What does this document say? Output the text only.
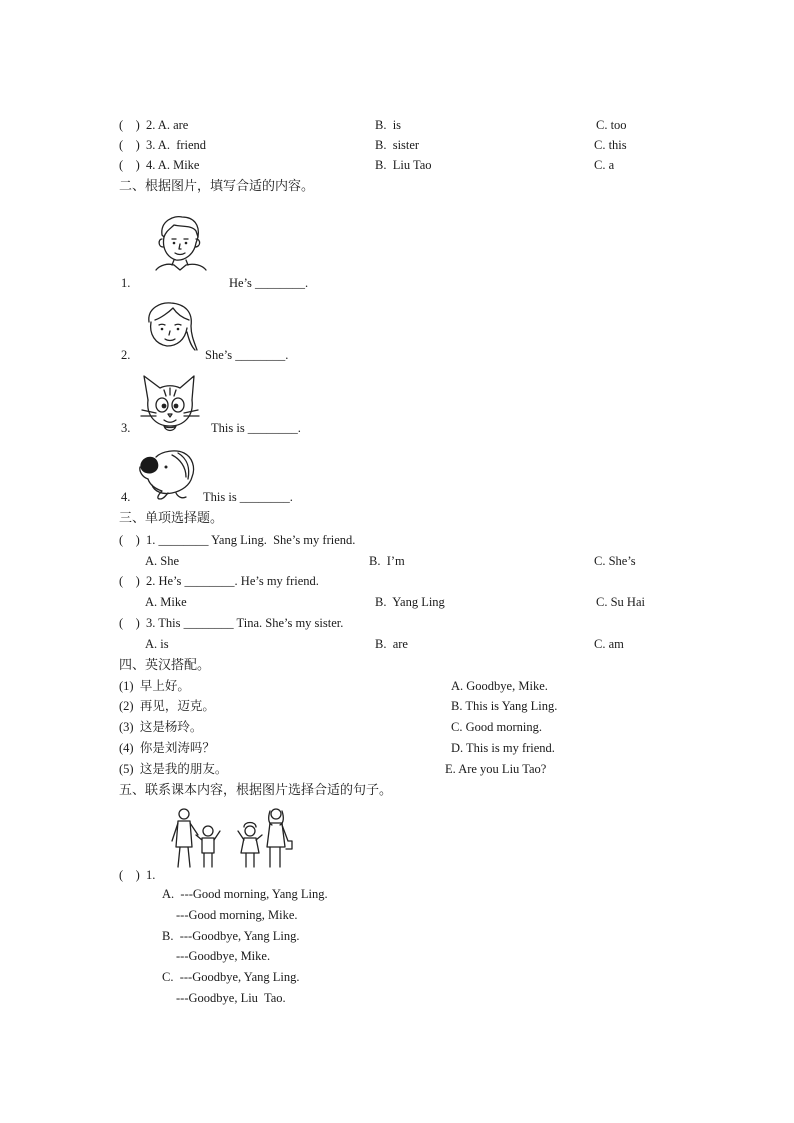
(    ) 2. A. are	B.  is	C. too
(    ) 3. A.  friend	B.  sister	C. this
(    ) 4. A. Mike	B.  Liu Tao	C. a
二、根据图片，填写合适的内容。
1.	He’s ________.
2.	She’s ________.
3.	This is ________.
4.	This is ________.
三、单项选择题。
(    ) 1. ________ Yang Ling.  She’s my friend.
A. She	B.  I’m	C. She’s
(    ) 2. He’s ________. He’s my friend.
A. Mike	B.  Yang Ling	C. Su Hai
(    ) 3. This ________ Tina. She’s my sister.
A. is	B.  are	C. am
四、英汉搭配。
(1)  早上好。	A. Goodbye, Mike.
(2)  再见，迈克。	B. This is Yang Ling.
(3)  这是杨玲。	C. Good morning.
(4)  你是刘涛吗？	D. This is my friend.
(5)  这是我的朋友。	E. Are you Liu Tao?
五、联系课本内容，根据图片选择合适的句子。
(    ) 1.
A.  ---Good morning, Yang Ling.
---Good morning, Mike.
B.  ---Goodbye, Yang Ling.
---Goodbye, Mike.
C.  ---Goodbye, Yang Ling.
---Goodbye, Liu  Tao.
